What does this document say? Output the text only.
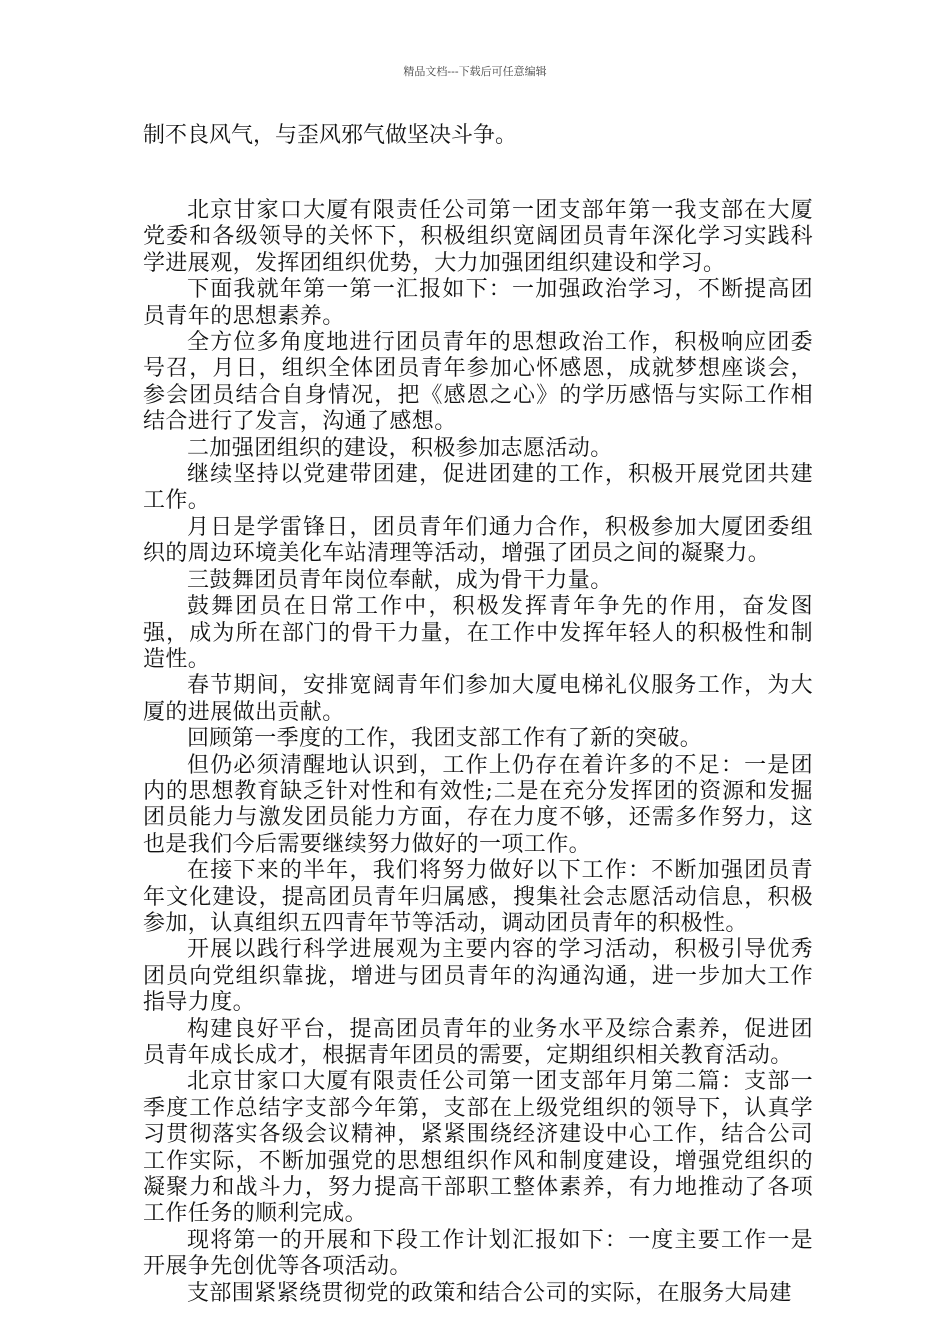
精品文档---下载后可任意编辑

制不良风气，与歪风邪气做坚决斗争。

北京甘家口大厦有限责任公司第一团支部年第一我支部在大厦党委和各级领导的关怀下，积极组织宽阔团员青年深化学习实践科学进展观，发挥团组织优势，大力加强团组织建设和学习。

下面我就年第一第一汇报如下：一加强政治学习，不断提高团员青年的思想素养。

全方位多角度地进行团员青年的思想政治工作，积极响应团委号召，月日，组织全体团员青年参加心怀感恩，成就梦想座谈会，参会团员结合自身情况，把《感恩之心》的学历感悟与实际工作相结合进行了发言，沟通了感想。

二加强团组织的建设，积极参加志愿活动。

继续坚持以党建带团建，促进团建的工作，积极开展党团共建工作。

月日是学雷锋日，团员青年们通力合作，积极参加大厦团委组织的周边环境美化车站清理等活动，增强了团员之间的凝聚力。

三鼓舞团员青年岗位奉献，成为骨干力量。

鼓舞团员在日常工作中，积极发挥青年争先的作用，奋发图强，成为所在部门的骨干力量，在工作中发挥年轻人的积极性和制造性。

春节期间，安排宽阔青年们参加大厦电梯礼仪服务工作，为大厦的进展做出贡献。

回顾第一季度的工作，我团支部工作有了新的突破。

但仍必须清醒地认识到，工作上仍存在着许多的不足：一是团内的思想教育缺乏针对性和有效性;二是在充分发挥团的资源和发掘团员能力与激发团员能力方面，存在力度不够，还需多作努力，这也是我们今后需要继续努力做好的一项工作。

在接下来的半年，我们将努力做好以下工作：不断加强团员青年文化建设，提高团员青年归属感，搜集社会志愿活动信息，积极参加，认真组织五四青年节等活动，调动团员青年的积极性。

开展以践行科学进展观为主要内容的学习活动，积极引导优秀团员向党组织靠拢，增进与团员青年的沟通沟通，进一步加大工作指导力度。

构建良好平台，提高团员青年的业务水平及综合素养，促进团员青年成长成才，根据青年团员的需要，定期组织相关教育活动。

北京甘家口大厦有限责任公司第一团支部年月第二篇：支部一季度工作总结字支部今年第，支部在上级党组织的领导下，认真学习贯彻落实各级会议精神，紧紧围绕经济建设中心工作，结合公司工作实际，不断加强党的思想组织作风和制度建设，增强党组织的凝聚力和战斗力，努力提高干部职工整体素养，有力地推动了各项工作任务的顺利完成。

现将第一的开展和下段工作计划汇报如下：一度主要工作一是开展争先创优等各项活动。

支部围紧紧绕贯彻党的政策和结合公司的实际，在服务大局建
